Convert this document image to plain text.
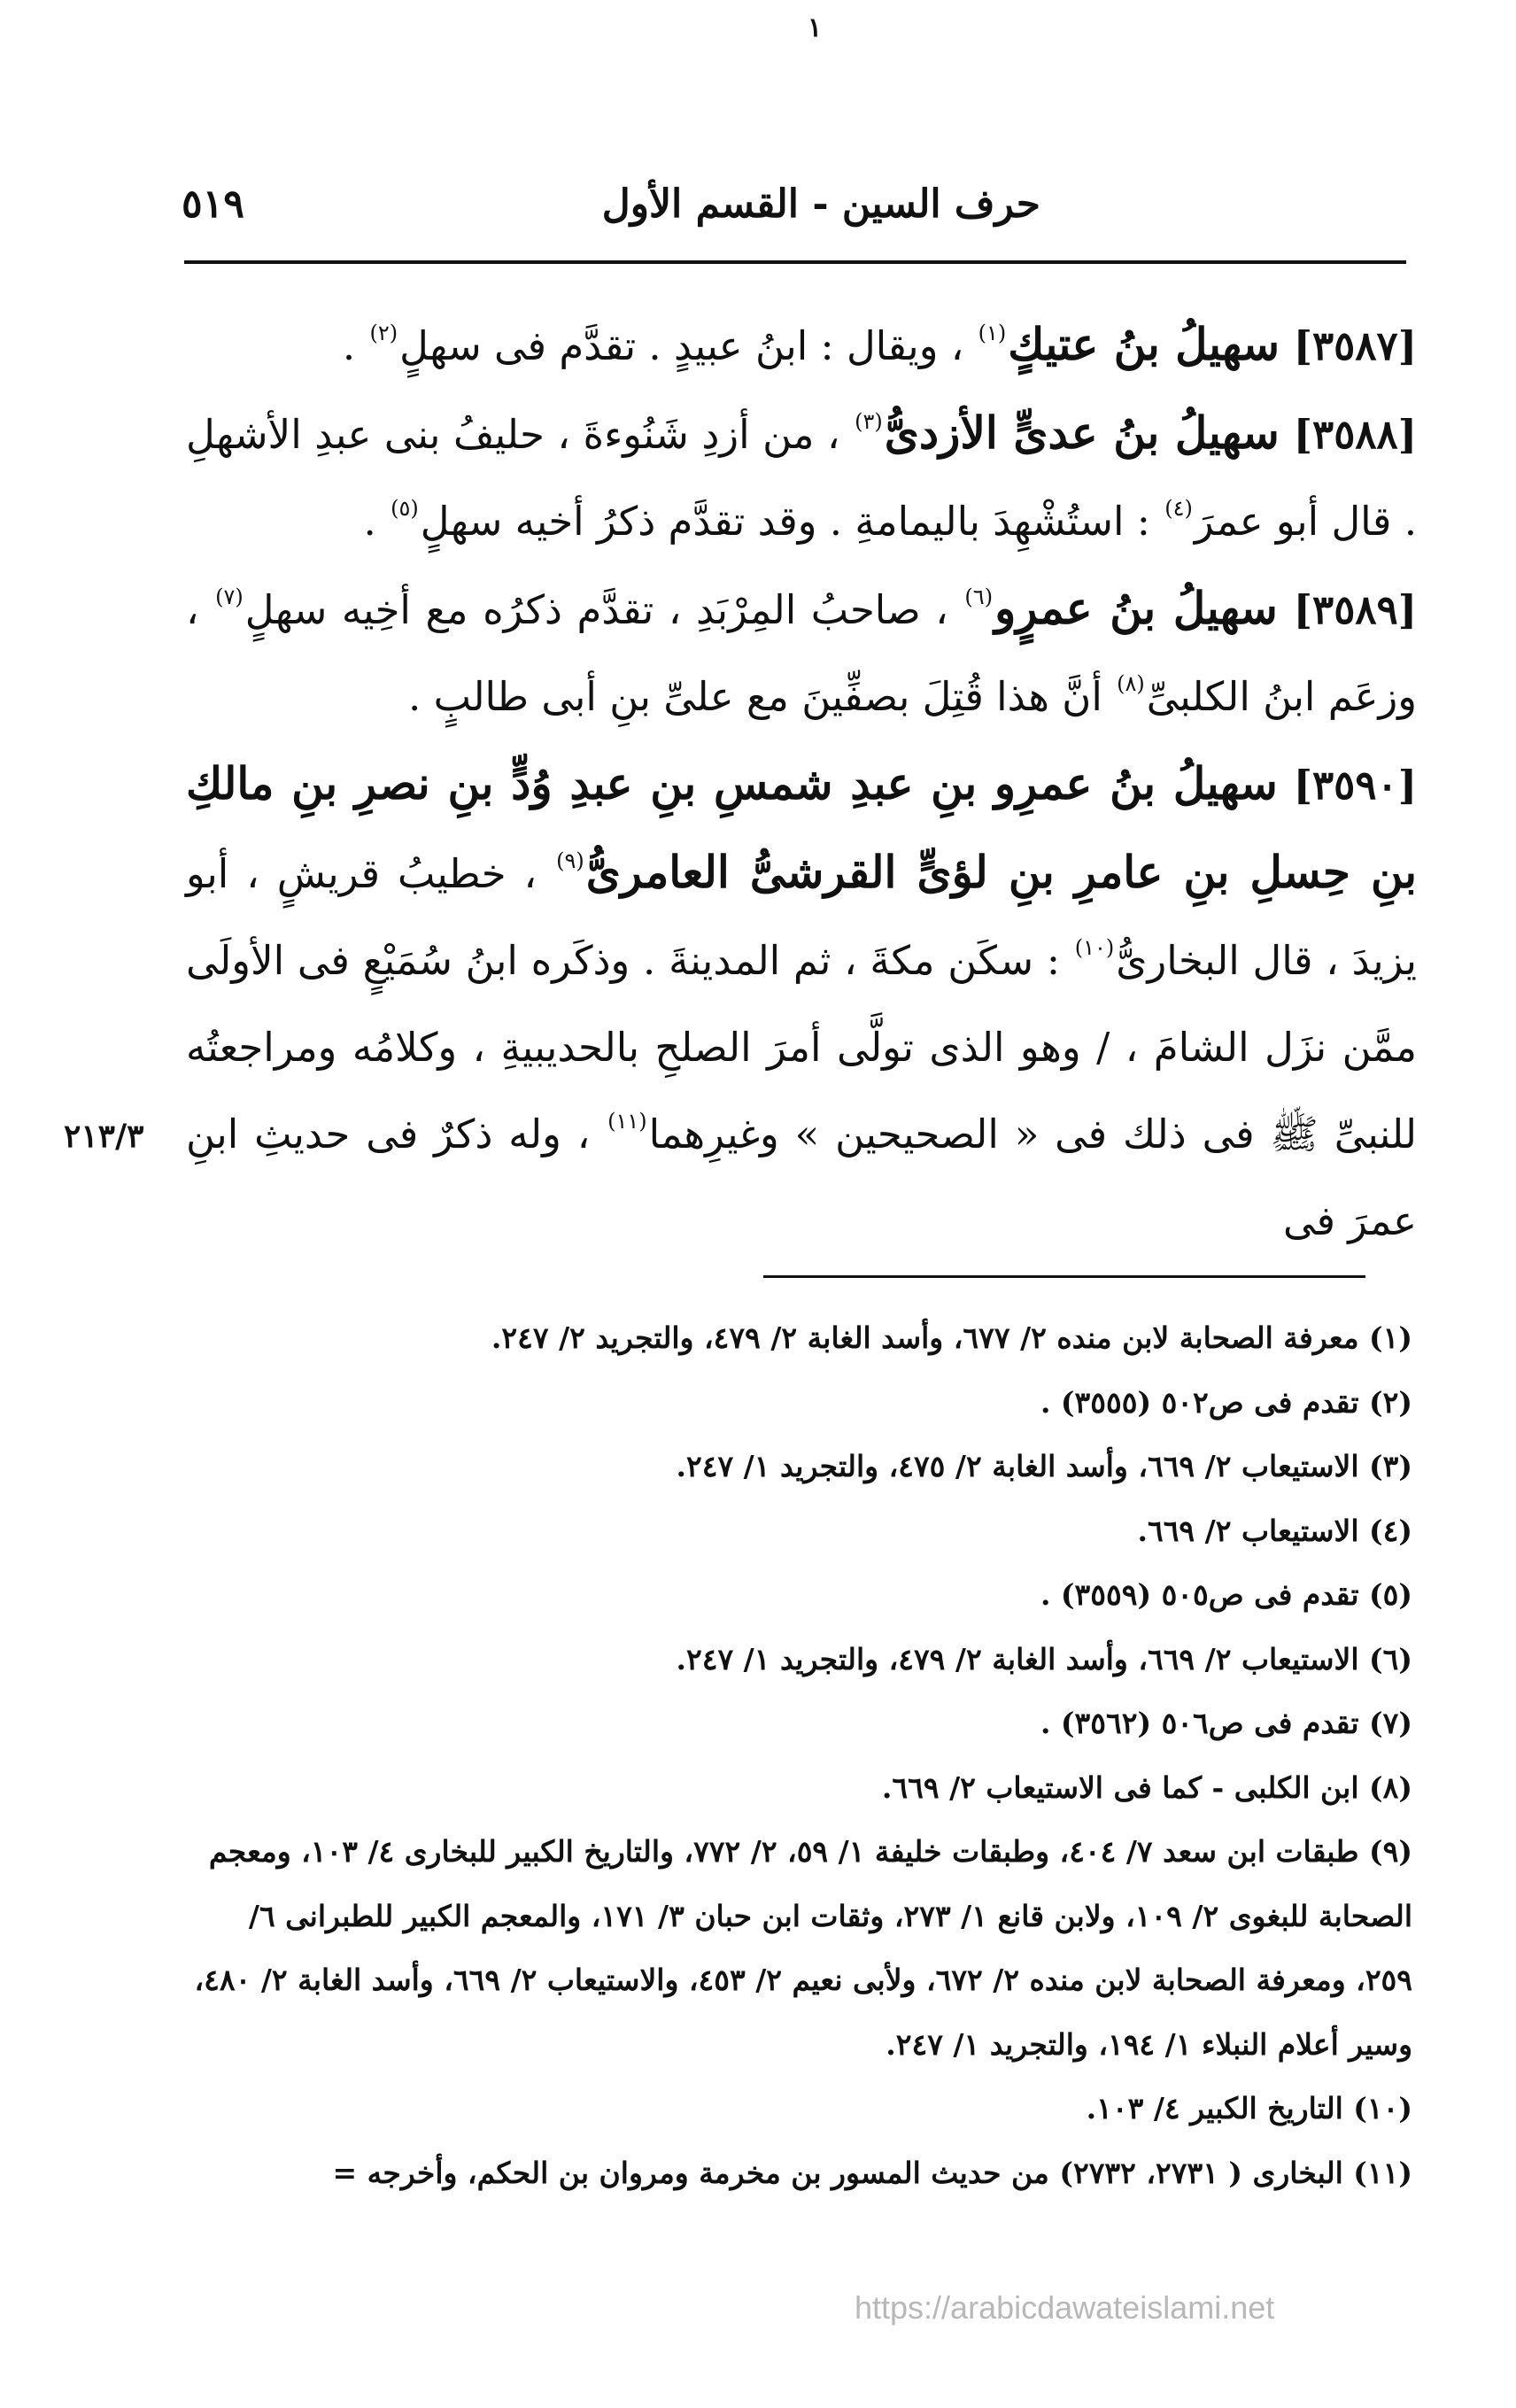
١
حرف السين - القسم الأول
٥١٩

[٣٥٨٧] سهيلُ بنُ عتيكٍ$^{(١)}$ ، ويقال : ابنُ عبيدٍ . تقدَّم فى سهلٍ$^{(٢)}$ .

[٣٥٨٨] سهيلُ بنُ عدىٍّ الأزدىُّ$^{(٣)}$ ، من أزدِ شَنُوءةَ ، حليفُ بنى عبدِ الأشهلِ . قال أبو عمرَ$^{(٤)}$ : استُشْهِدَ باليمامةِ . وقد تقدَّم ذكرُ أخيه سهلٍ$^{(٥)}$ .

[٣٥٨٩] سهيلُ بنُ عمرٍو$^{(٦)}$ ، صاحبُ المِرْبَدِ ، تقدَّم ذكرُه مع أخِيه سهلٍ$^{(٧)}$ ، وزعَم ابنُ الكلبىِّ$^{(٨)}$ أنَّ هذا قُتِلَ بصفِّينَ مع علىِّ بنِ أبى طالبٍ .

[٣٥٩٠] سهيلُ بنُ عمرِو بنِ عبدِ شمسِ بنِ عبدِ وُدٍّ بنِ نصرِ بنِ مالكِ بنِ حِسلِ بنِ عامرِ بنِ لؤىٍّ القرشىُّ العامرىُّ$^{(٩)}$ ، خطيبُ قريشٍ ، أبو يزيدَ ، قال البخارىُّ$^{(١٠)}$ : سكَن مكةَ ، ثم المدينةَ . وذكَره ابنُ سُمَيْعٍ فى الأولَى ممَّن نزَل الشامَ ، / وهو الذى تولَّى أمرَ الصلحِ بالحديبيةِ ، وكلامُه ومراجعتُه للنبىِّ ﷺ فى ذلك فى « الصحيحين » وغيرِهما$^{(١١)}$ ، وله ذكرٌ فى حديثِ ابنِ عمرَ فى

٢١٣/٣
(١) معرفة الصحابة لابن منده ٢/ ٦٧٧، وأسد الغابة ٢/ ٤٧٩، والتجريد ٢/ ٢٤٧.
(٢) تقدم فى ص٥٠٢ (٣٥٥٥) .
(٣) الاستيعاب ٢/ ٦٦٩، وأسد الغابة ٢/ ٤٧٥، والتجريد ١/ ٢٤٧.
(٤) الاستيعاب ٢/ ٦٦٩.
(٥) تقدم فى ص٥٠٥ (٣٥٥٩) .
(٦) الاستيعاب ٢/ ٦٦٩، وأسد الغابة ٢/ ٤٧٩، والتجريد ١/ ٢٤٧.
(٧) تقدم فى ص٥٠٦ (٣٥٦٢) .
(٨) ابن الكلبى - كما فى الاستيعاب ٢/ ٦٦٩.
(٩) طبقات ابن سعد ٧/ ٤٠٤، وطبقات خليفة ١/ ٥٩، ٢/ ٧٧٢، والتاريخ الكبير للبخارى ٤/ ١٠٣، ومعجم الصحابة للبغوى ٢/ ١٠٩، ولابن قانع ١/ ٢٧٣، وثقات ابن حبان ٣/ ١٧١، والمعجم الكبير للطبرانى ٦/ ٢٥٩، ومعرفة الصحابة لابن منده ٢/ ٦٧٢، ولأبى نعيم ٢/ ٤٥٣، والاستيعاب ٢/ ٦٦٩، وأسد الغابة ٢/ ٤٨٠، وسير أعلام النبلاء ١/ ١٩٤، والتجريد ١/ ٢٤٧.
(١٠) التاريخ الكبير ٤/ ١٠٣.
(١١) البخارى ( ٢٧٣١، ٢٧٣٢) من حديث المسور بن مخرمة ومروان بن الحكم، وأخرجه =
https://arabicdawateislami.net
